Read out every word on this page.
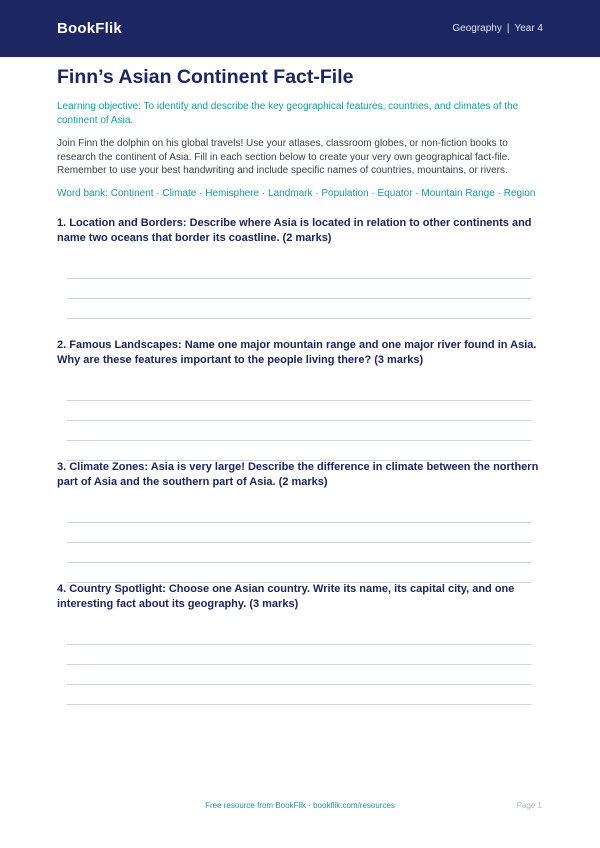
BookFlik	Geography | Year 4
Finn’s Asian Continent Fact-File

Learning objective: To identify and describe the key geographical features, countries, and climates of the continent of Asia.

Join Finn the dolphin on his global travels! Use your atlases, classroom globes, or non-fiction books to research the continent of Asia. Fill in each section below to create your very own geographical fact-file. Remember to use your best handwriting and include specific names of countries, mountains, or rivers.

Word bank: Continent · Climate · Hemisphere · Landmark · Population · Equator · Mountain Range · Region

1. Location and Borders: Describe where Asia is located in relation to other continents and name two oceans that border its coastline. (2 marks)

2. Famous Landscapes: Name one major mountain range and one major river found in Asia. Why are these features important to the people living there? (3 marks)

3. Climate Zones: Asia is very large! Describe the difference in climate between the northern part of Asia and the southern part of Asia. (2 marks)

4. Country Spotlight: Choose one Asian country. Write its name, its capital city, and one interesting fact about its geography. (3 marks)

Free resource from BookFlik · bookflik.com/resources	Page 1
